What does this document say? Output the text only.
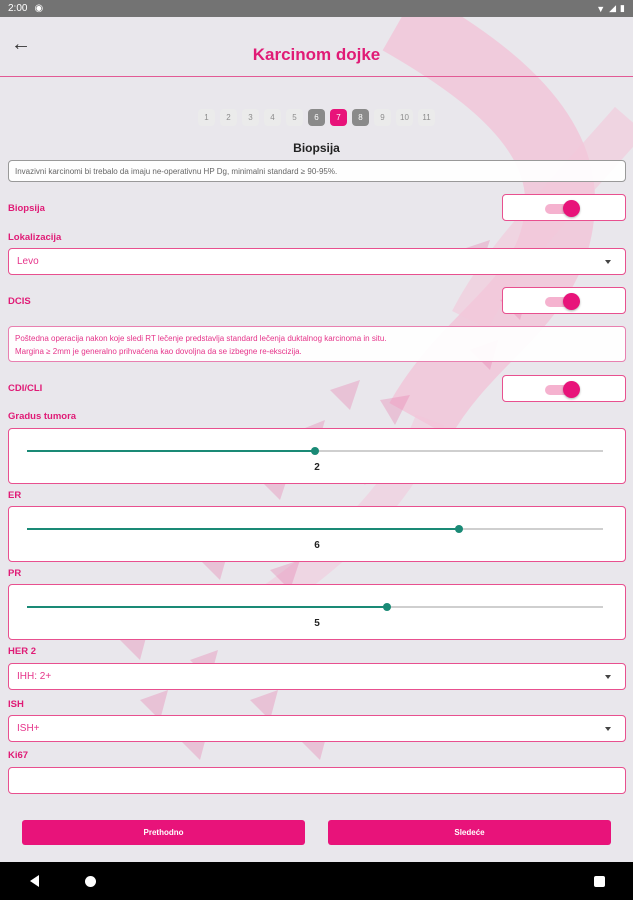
2:00 ◉	▼ ◢ ▮
←	Karcinom dojke
1	2	3	4	5	6	7	8	9	10	11
Biopsija
Invazivni karcinomi bi trebalo da imaju ne-operativnu HP Dg, minimalni standard ≥ 90-95%.
Biopsija
Lokalizacija
Levo
DCIS
Poštedna operacija nakon koje sledi RT lečenje predstavlja standard lečenja duktalnog karcinoma in situ.
Margina ≥ 2mm je generalno prihvaćena kao dovoljna da se izbegne re-ekscizija.
CDI/CLI
Gradus tumora
2
ER
6
PR
5
HER 2
IHH: 2+
ISH
ISH+
Ki67
Prethodno	Sledeće
